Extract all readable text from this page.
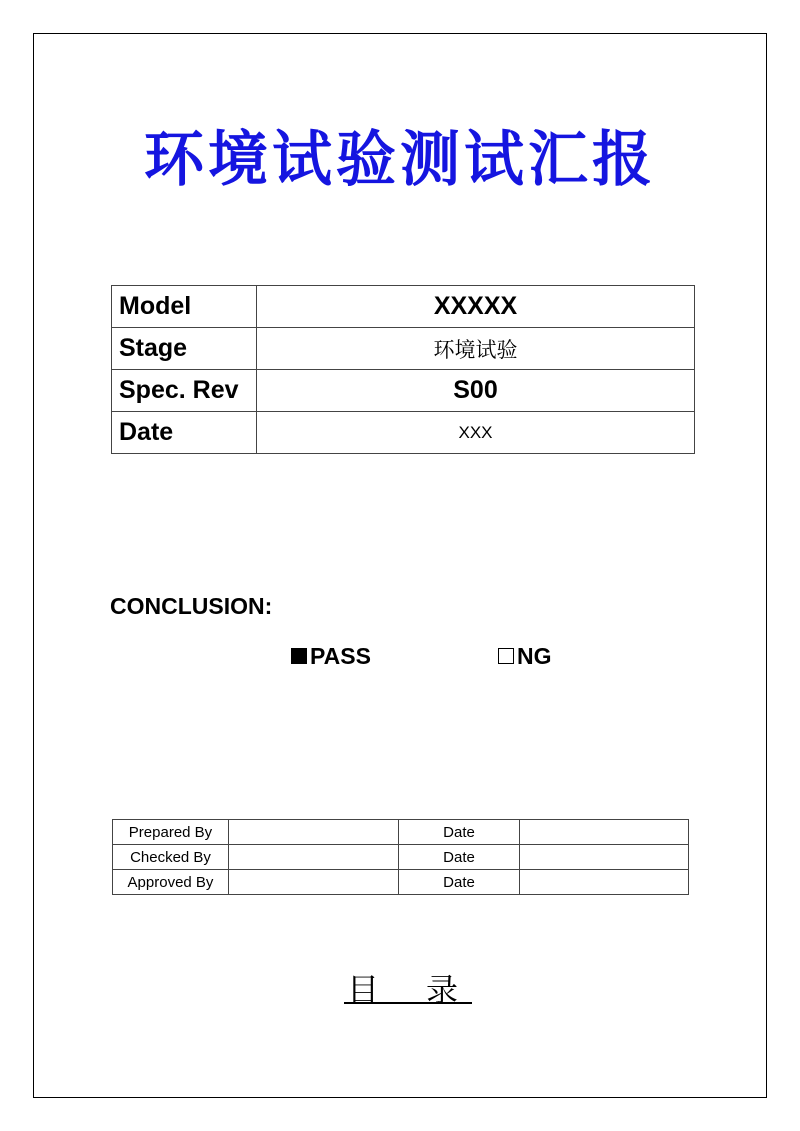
环境试验测试汇报
Model	XXXXX
Stage	环境试验
Spec. Rev	S00
Date	XXX
CONCLUSION:
PASS	NG
Prepared By		Date	
Checked By		Date	
Approved By		Date	
目 录
